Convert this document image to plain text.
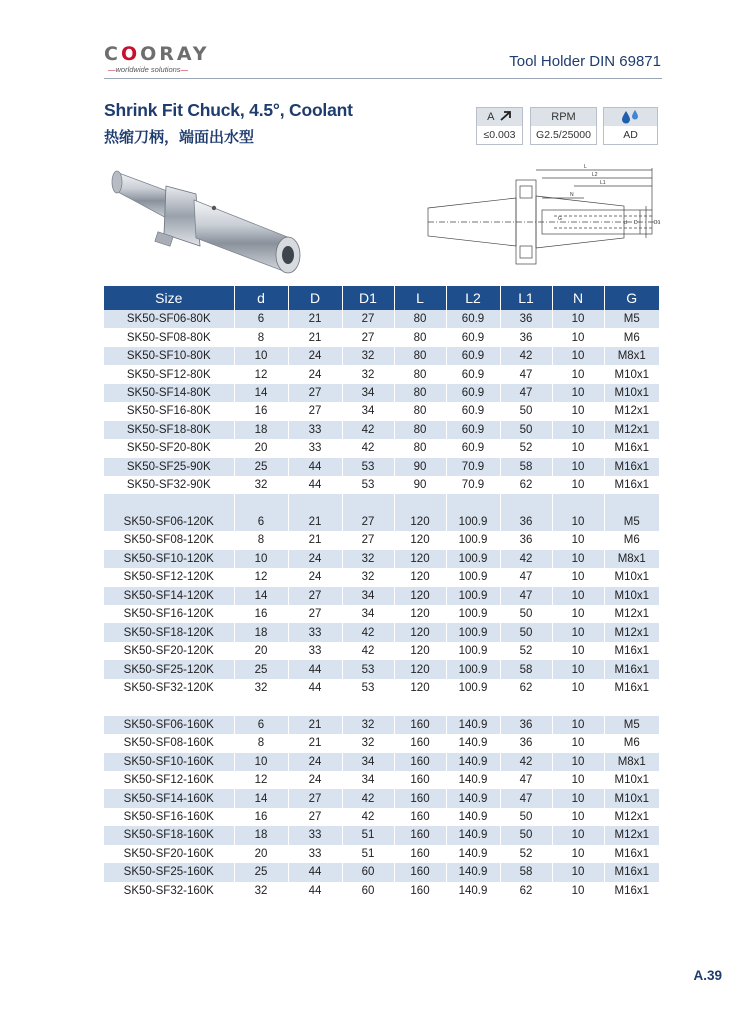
COORAY
—worldwide solutions—	Tool Holder DIN 69871
Shrink Fit Chuck, 4.5°, Coolant
热缩刀柄，端面出水型
A
≤0.003
RPM
G2.5/25000	AD
L
L2
L1
N
G
D	D1
d
Size	d	D	D1	L	L2	L1	N	G
SK50-SF06-80K	6	21	27	80	60.9	36	10	M5
SK50-SF08-80K	8	21	27	80	60.9	36	10	M6
SK50-SF10-80K	10	24	32	80	60.9	42	10	M8x1
SK50-SF12-80K	12	24	32	80	60.9	47	10	M10x1
SK50-SF14-80K	14	27	34	80	60.9	47	10	M10x1
SK50-SF16-80K	16	27	34	80	60.9	50	10	M12x1
SK50-SF18-80K	18	33	42	80	60.9	50	10	M12x1
SK50-SF20-80K	20	33	42	80	60.9	52	10	M16x1
SK50-SF25-90K	25	44	53	90	70.9	58	10	M16x1
SK50-SF32-90K	32	44	53	90	70.9	62	10	M16x1

SK50-SF06-120K	6	21	27	120	100.9	36	10	M5
SK50-SF08-120K	8	21	27	120	100.9	36	10	M6
SK50-SF10-120K	10	24	32	120	100.9	42	10	M8x1
SK50-SF12-120K	12	24	32	120	100.9	47	10	M10x1
SK50-SF14-120K	14	27	34	120	100.9	47	10	M10x1
SK50-SF16-120K	16	27	34	120	100.9	50	10	M12x1
SK50-SF18-120K	18	33	42	120	100.9	50	10	M12x1
SK50-SF20-120K	20	33	42	120	100.9	52	10	M16x1
SK50-SF25-120K	25	44	53	120	100.9	58	10	M16x1
SK50-SF32-120K	32	44	53	120	100.9	62	10	M16x1

SK50-SF06-160K	6	21	32	160	140.9	36	10	M5
SK50-SF08-160K	8	21	32	160	140.9	36	10	M6
SK50-SF10-160K	10	24	34	160	140.9	42	10	M8x1
SK50-SF12-160K	12	24	34	160	140.9	47	10	M10x1
SK50-SF14-160K	14	27	42	160	140.9	47	10	M10x1
SK50-SF16-160K	16	27	42	160	140.9	50	10	M12x1
SK50-SF18-160K	18	33	51	160	140.9	50	10	M12x1
SK50-SF20-160K	20	33	51	160	140.9	52	10	M16x1
SK50-SF25-160K	25	44	60	160	140.9	58	10	M16x1
SK50-SF32-160K	32	44	60	160	140.9	62	10	M16x1
A.39
